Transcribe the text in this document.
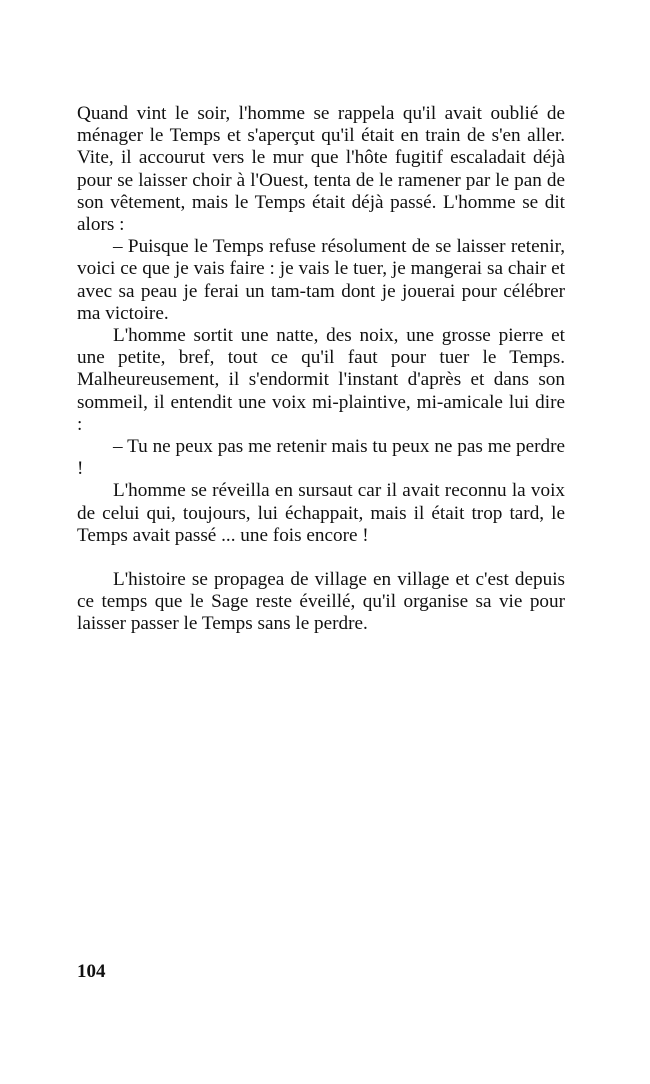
Quand vint le soir, l'homme se rappela qu'il avait oublié de ménager le Temps et s'aperçut qu'il était en train de s'en aller. Vite, il accourut vers le mur que l'hôte fugitif escaladait déjà pour se laisser choir à l'Ouest, tenta de le ramener par le pan de son vêtement, mais le Temps était déjà passé. L'homme se dit alors :

– Puisque le Temps refuse résolument de se laisser retenir, voici ce que je vais faire : je vais le tuer, je mangerai sa chair et avec sa peau je ferai un tam-tam dont je jouerai pour célébrer ma victoire.

L'homme sortit une natte, des noix, une grosse pierre et une petite, bref, tout ce qu'il faut pour tuer le Temps. Malheureusement, il s'endormit l'instant d'après et dans son sommeil, il entendit une voix mi-plaintive, mi-amicale lui dire :

– Tu ne peux pas me retenir mais tu peux ne pas me perdre !

L'homme se réveilla en sursaut car il avait reconnu la voix de celui qui, toujours, lui échappait, mais il était trop tard, le Temps avait passé ... une fois encore !

L'histoire se propagea de village en village et c'est depuis ce temps que le Sage reste éveillé, qu'il organise sa vie pour laisser passer le Temps sans le perdre.

104
